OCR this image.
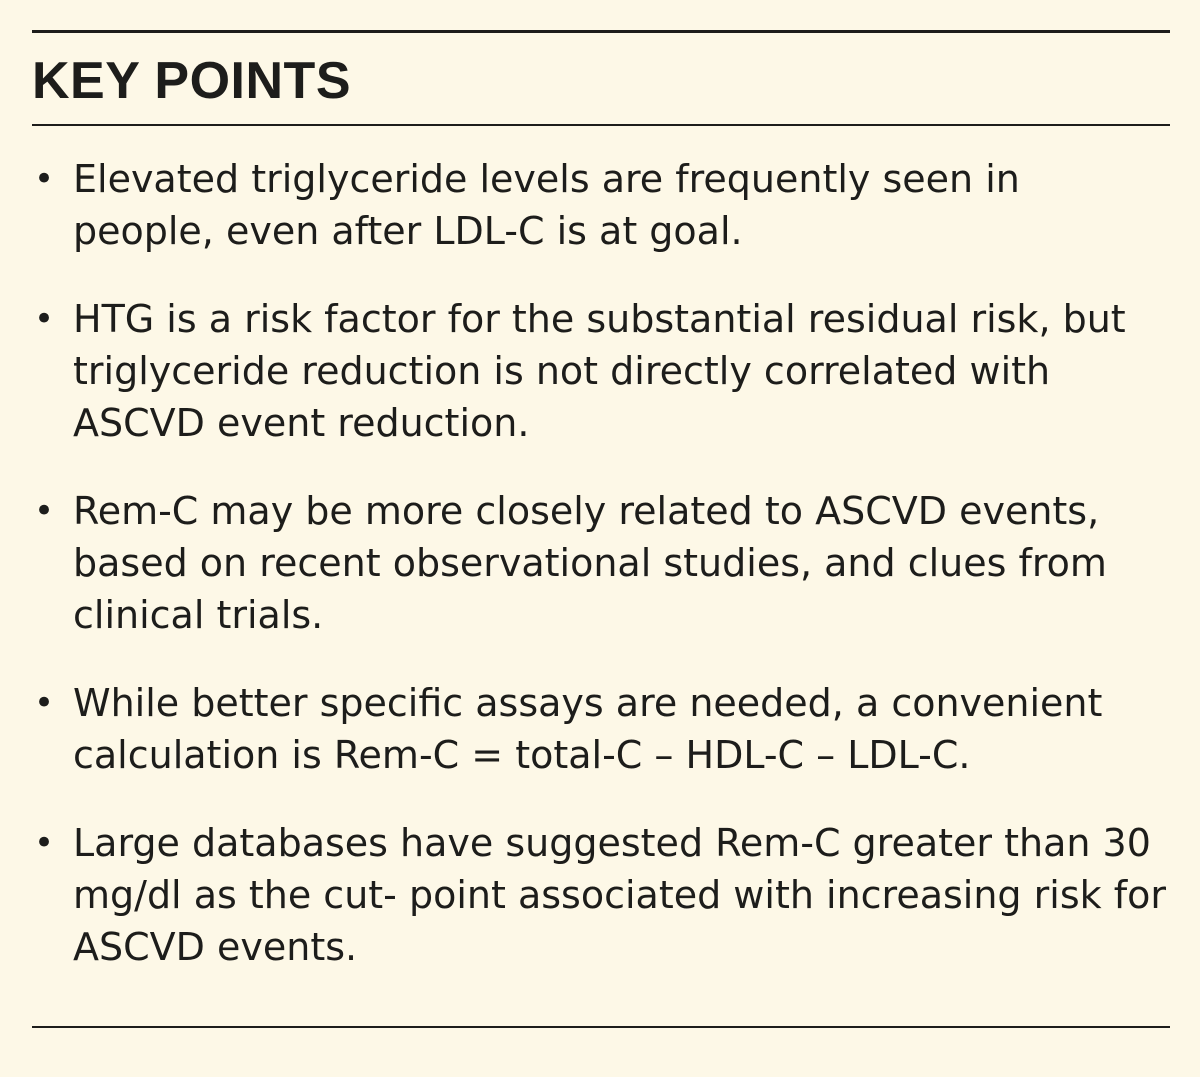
KEY POINTS
• Elevated triglyceride levels are frequently seen in people, even after LDL-C is at goal.
• HTG is a risk factor for the substantial residual risk, but triglyceride reduction is not directly correlated with ASCVD event reduction.
• Rem-C may be more closely related to ASCVD events, based on recent observational studies, and clues from clinical trials.
• While better specific assays are needed, a convenient calculation is Rem-C = total-C – HDL-C – LDL-C.
• Large databases have suggested Rem-C greater than 30 mg/dl as the cut- point associated with increasing risk for ASCVD events.
